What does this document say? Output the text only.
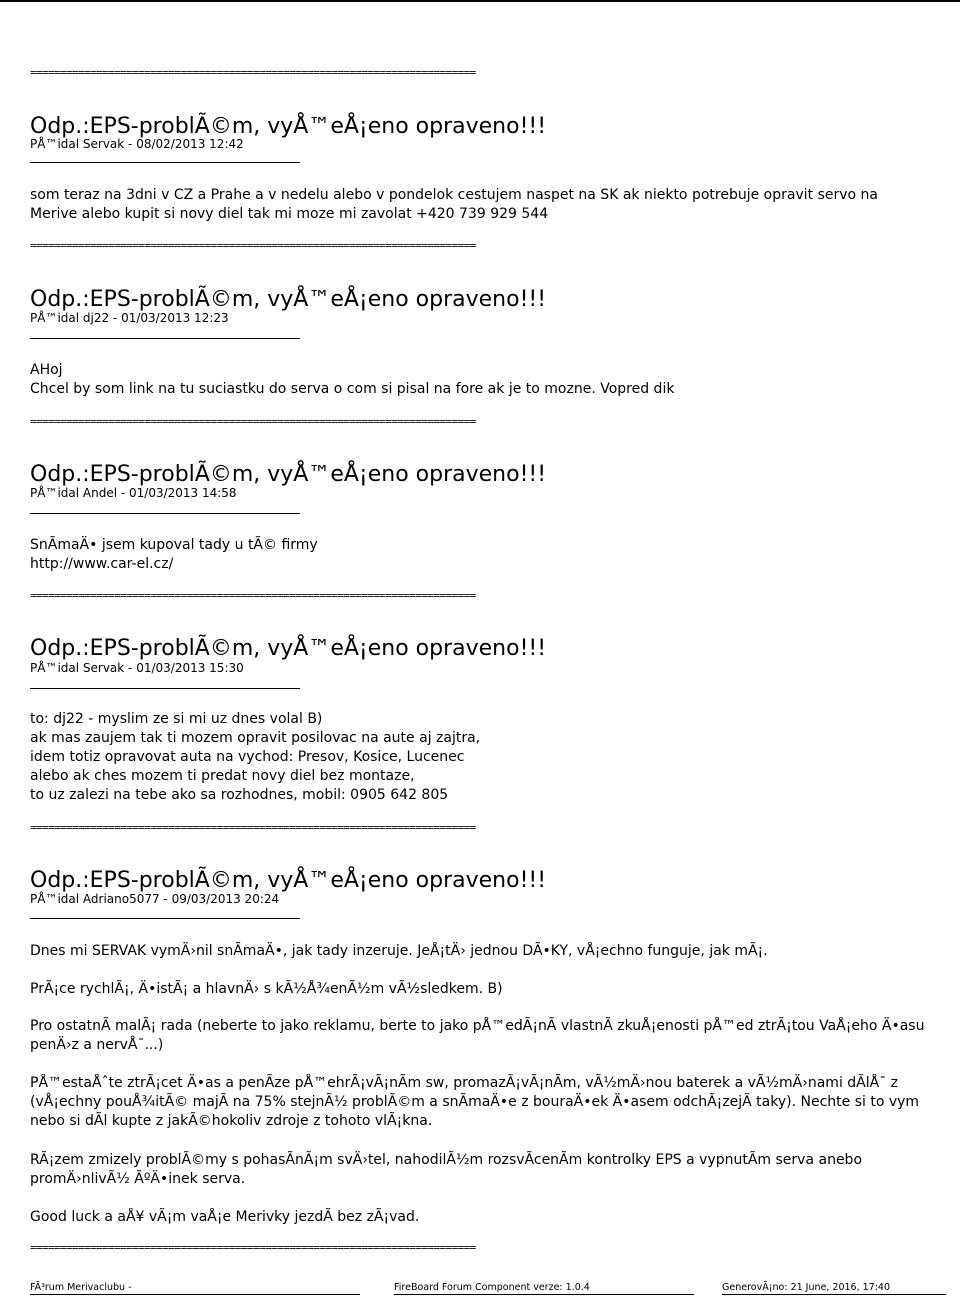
==========================================================================
Odp.:EPS-problÃ©m, vyÅ™eÅ¡eno opraveno!!!
PÅ™idal Servak - 08/02/2013 12:42
som teraz na 3dni v CZ a Prahe a v nedelu alebo v pondelok cestujem naspet na SK ak niekto potrebuje opravit servo na
Merive alebo kupit si novy diel tak mi moze mi zavolat +420 739 929 544
==========================================================================
Odp.:EPS-problÃ©m, vyÅ™eÅ¡eno opraveno!!!
PÅ™idal dj22 - 01/03/2013 12:23
AHoj
Chcel by som link na tu suciastku do serva o com si pisal na fore ak je to mozne. Vopred dik
==========================================================================
Odp.:EPS-problÃ©m, vyÅ™eÅ¡eno opraveno!!!
PÅ™idal Andel - 01/03/2013 14:58
SnÃmaÄ• jsem kupoval tady u tÃ© firmy
http://www.car-el.cz/
==========================================================================
Odp.:EPS-problÃ©m, vyÅ™eÅ¡eno opraveno!!!
PÅ™idal Servak - 01/03/2013 15:30
to: dj22 - myslim ze si mi uz dnes volal B)
ak mas zaujem tak ti mozem opravit posilovac na aute aj zajtra,
idem totiz opravovat auta na vychod: Presov, Kosice, Lucenec
alebo ak ches mozem ti predat novy diel bez montaze,
to uz zalezi na tebe ako sa rozhodnes, mobil: 0905 642 805
==========================================================================
Odp.:EPS-problÃ©m, vyÅ™eÅ¡eno opraveno!!!
PÅ™idal Adriano5077 - 09/03/2013 20:24
Dnes mi SERVAK vymÄ›nil snÃmaÄ•, jak tady inzeruje. JeÅ¡tÄ› jednou DÃ•KY, vÅ¡echno funguje, jak mÃ¡.
PrÃ¡ce rychlÃ¡, Ä•istÃ¡ a hlavnÄ› s kÃ½Å¾enÃ½m vÃ½sledkem. B)
Pro ostatnÃ malÃ¡ rada (neberte to jako reklamu, berte to jako pÅ™edÃ¡nÃ vlastnÃ zkuÅ¡enosti pÅ™ed ztrÃ¡tou VaÅ¡eho Ä•asu
penÄ›z a nervÅ¯...)
PÅ™estaÅˆte ztrÃ¡cet Ä•as a penÃze pÅ™ehrÃ¡vÃ¡nÃm sw, promazÃ¡vÃ¡nÃm, vÃ½mÄ›nou baterek a vÃ½mÄ›nami dÃlÅ¯ z
(vÅ¡echny pouÅ¾itÃ© majÃ na 75% stejnÃ½ problÃ©m a snÃmaÄ•e z bouraÄ•ek Ä•asem odchÃ¡zejÃ taky). Nechte si to vym
nebo si dÃl kupte z jakÃ©hokoliv zdroje z tohoto vlÃ¡kna.
RÃ¡zem zmizely problÃ©my s pohasÃnÃ¡m svÄ›tel, nahodilÃ½m rozsvÃcenÃm kontrolky EPS a vypnutÃm serva anebo
promÄ›nlivÃ½ ÃºÄ•inek serva.
Good luck a aÅ¥ vÃ¡m vaÅ¡e Merivky jezdÃ bez zÃ¡vad.
==========================================================================
FÃ³rum Merivaclubu -	FireBoard Forum Component verze: 1.0.4	GenerovÃ¡no: 21 June, 2016, 17:40
